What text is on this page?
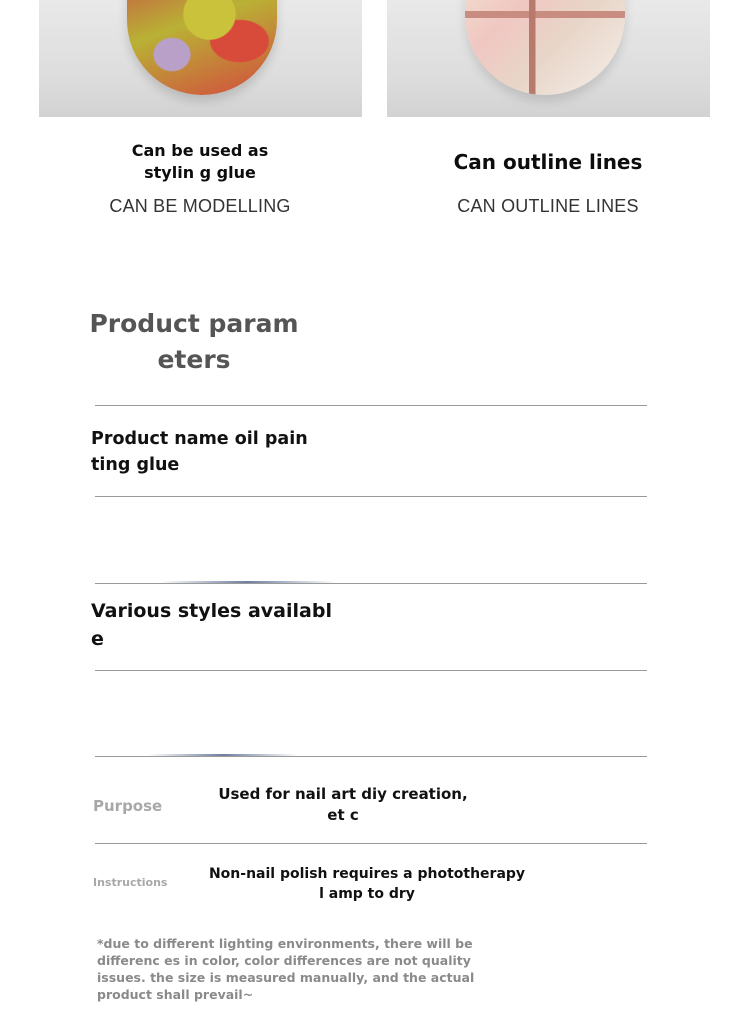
Can be used as stylin g glue
CAN BE MODELLING
Can outline lines
CAN OUTLINE LINES
Product param eters
Product name oil pain ting glue
Various styles availabl e
Purpose
Used for nail art diy creation, et c
Instructions
Non-nail polish requires a phototherapy l amp to dry
*due to different lighting environments, there will be differenc es in color, color differences are not quality issues. the size is measured manually, and the actual product shall prevail~
